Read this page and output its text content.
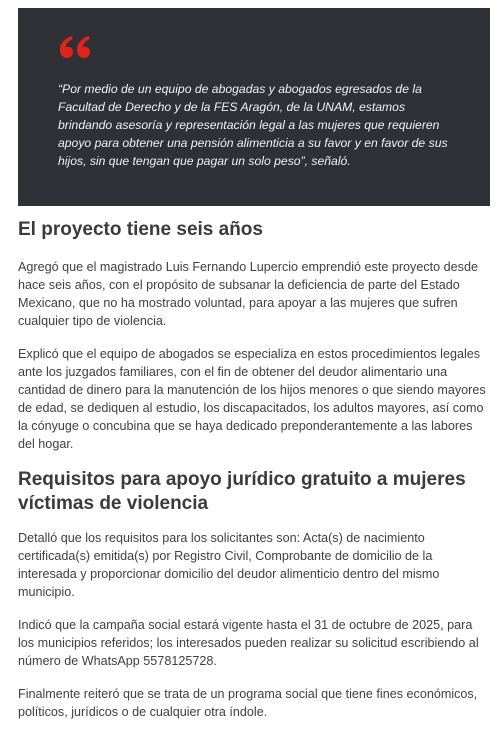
“Por medio de un equipo de abogadas y abogados egresados de la Facultad de Derecho y de la FES Aragón, de la UNAM, estamos brindando asesoría y representación legal a las mujeres que requieren apoyo para obtener una pensión alimenticia a su favor y en favor de sus hijos, sin que tengan que pagar un solo peso”, señaló.

El proyecto tiene seis años

Agregó que el magistrado Luis Fernando Lupercio emprendió este proyecto desde hace seis años, con el propósito de subsanar la deficiencia de parte del Estado Mexicano, que no ha mostrado voluntad, para apoyar a las mujeres que sufren cualquier tipo de violencia.

Explicó que el equipo de abogados se especializa en estos procedimientos legales ante los juzgados familiares, con el fin de obtener del deudor alimentario una cantidad de dinero para la manutención de los hijos menores o que siendo mayores de edad, se dediquen al estudio, los discapacitados, los adultos mayores, así como la cónyuge o concubina que se haya dedicado preponderantemente a las labores del hogar.

Requisitos para apoyo jurídico gratuito a mujeres víctimas de violencia

Detalló que los requisitos para los solicitantes son: Acta(s) de nacimiento certificada(s) emitida(s) por Registro Civil, Comprobante de domicilio de la interesada y proporcionar domicilio del deudor alimenticio dentro del mismo municipio.

Indicó que la campaña social estará vigente hasta el 31 de octubre de 2025, para los municipios referidos; los interesados pueden realizar su solicitud escribiendo al número de WhatsApp 5578125728.

Finalmente reiteró que se trata de un programa social que tiene fines económicos, políticos, jurídicos o de cualquier otra índole.
